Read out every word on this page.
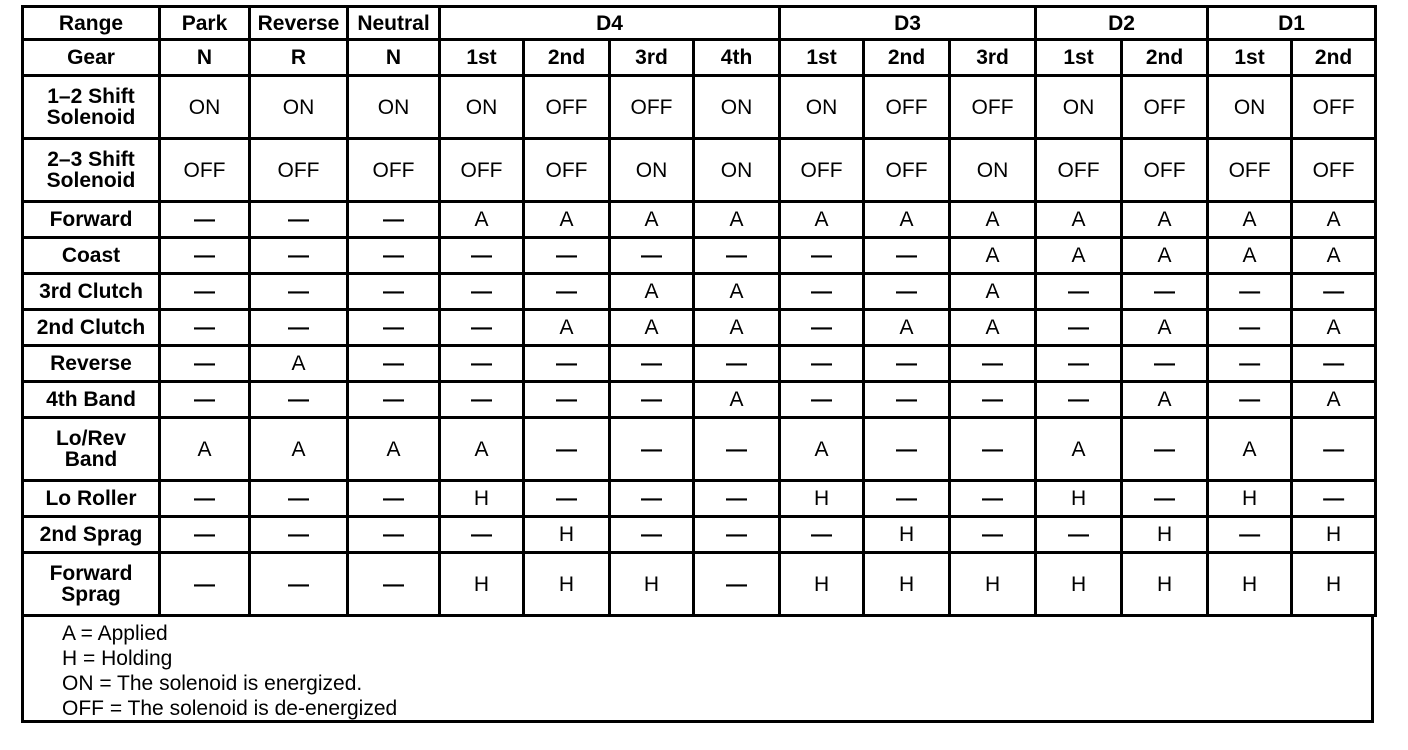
Range	Park	Reverse	Neutral	D4				D3			D2		D1	
Gear	N	R	N	1st	2nd	3rd	4th	1st	2nd	3rd	1st	2nd	1st	2nd
1–2 Shift Solenoid	ON	ON	ON	ON	OFF	OFF	ON	ON	OFF	OFF	ON	OFF	ON	OFF
2–3 Shift Solenoid	OFF	OFF	OFF	OFF	OFF	ON	ON	OFF	OFF	ON	OFF	OFF	OFF	OFF
Forward	—	—	—	A	A	A	A	A	A	A	A	A	A	A
Coast	—	—	—	—	—	—	—	—	—	A	A	A	A	A
3rd Clutch	—	—	—	—	—	A	A	—	—	A	—	—	—	—
2nd Clutch	—	—	—	—	A	A	A	—	A	A	—	A	—	A
Reverse	—	A	—	—	—	—	—	—	—	—	—	—	—	—
4th Band	—	—	—	—	—	—	A	—	—	—	—	A	—	A
Lo/Rev Band	A	A	A	A	—	—	—	A	—	—	A	—	A	—
Lo Roller	—	—	—	H	—	—	—	H	—	—	H	—	H	—
2nd Sprag	—	—	—	—	H	—	—	—	H	—	—	H	—	H
Forward Sprag	—	—	—	H	H	H	—	H	H	H	H	H	H	H
A = Applied
H = Holding
ON = The solenoid is energized.
OFF = The solenoid is de-energized
